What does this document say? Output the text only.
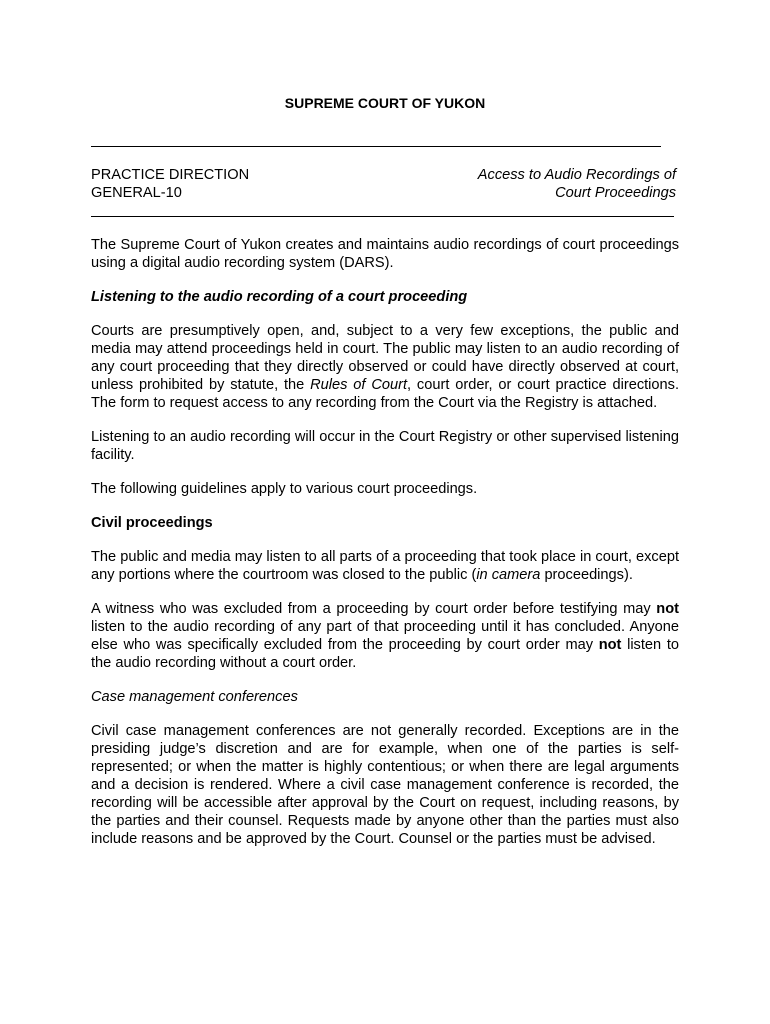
SUPREME COURT OF YUKON
PRACTICE DIRECTION
GENERAL-10
Access to Audio Recordings of
Court Proceedings

The Supreme Court of Yukon creates and maintains audio recordings of court proceedings using a digital audio recording system (DARS).

Listening to the audio recording of a court proceeding

Courts are presumptively open, and, subject to a very few exceptions, the public and media may attend proceedings held in court. The public may listen to an audio recording of any court proceeding that they directly observed or could have directly observed at court, unless prohibited by statute, the Rules of Court, court order, or court practice directions. The form to request access to any recording from the Court via the Registry is attached.

Listening to an audio recording will occur in the Court Registry or other supervised listening facility.

The following guidelines apply to various court proceedings.

Civil proceedings

The public and media may listen to all parts of a proceeding that took place in court, except any portions where the courtroom was closed to the public (in camera proceedings).

A witness who was excluded from a proceeding by court order before testifying may not listen to the audio recording of any part of that proceeding until it has concluded. Anyone else who was specifically excluded from the proceeding by court order may not listen to the audio recording without a court order.

Case management conferences

Civil case management conferences are not generally recorded. Exceptions are in the presiding judge’s discretion and are for example, when one of the parties is self-represented; or when the matter is highly contentious; or when there are legal arguments and a decision is rendered. Where a civil case management conference is recorded, the recording will be accessible after approval by the Court on request, including reasons, by the parties and their counsel. Requests made by anyone other than the parties must also include reasons and be approved by the Court. Counsel or the parties must be advised.
